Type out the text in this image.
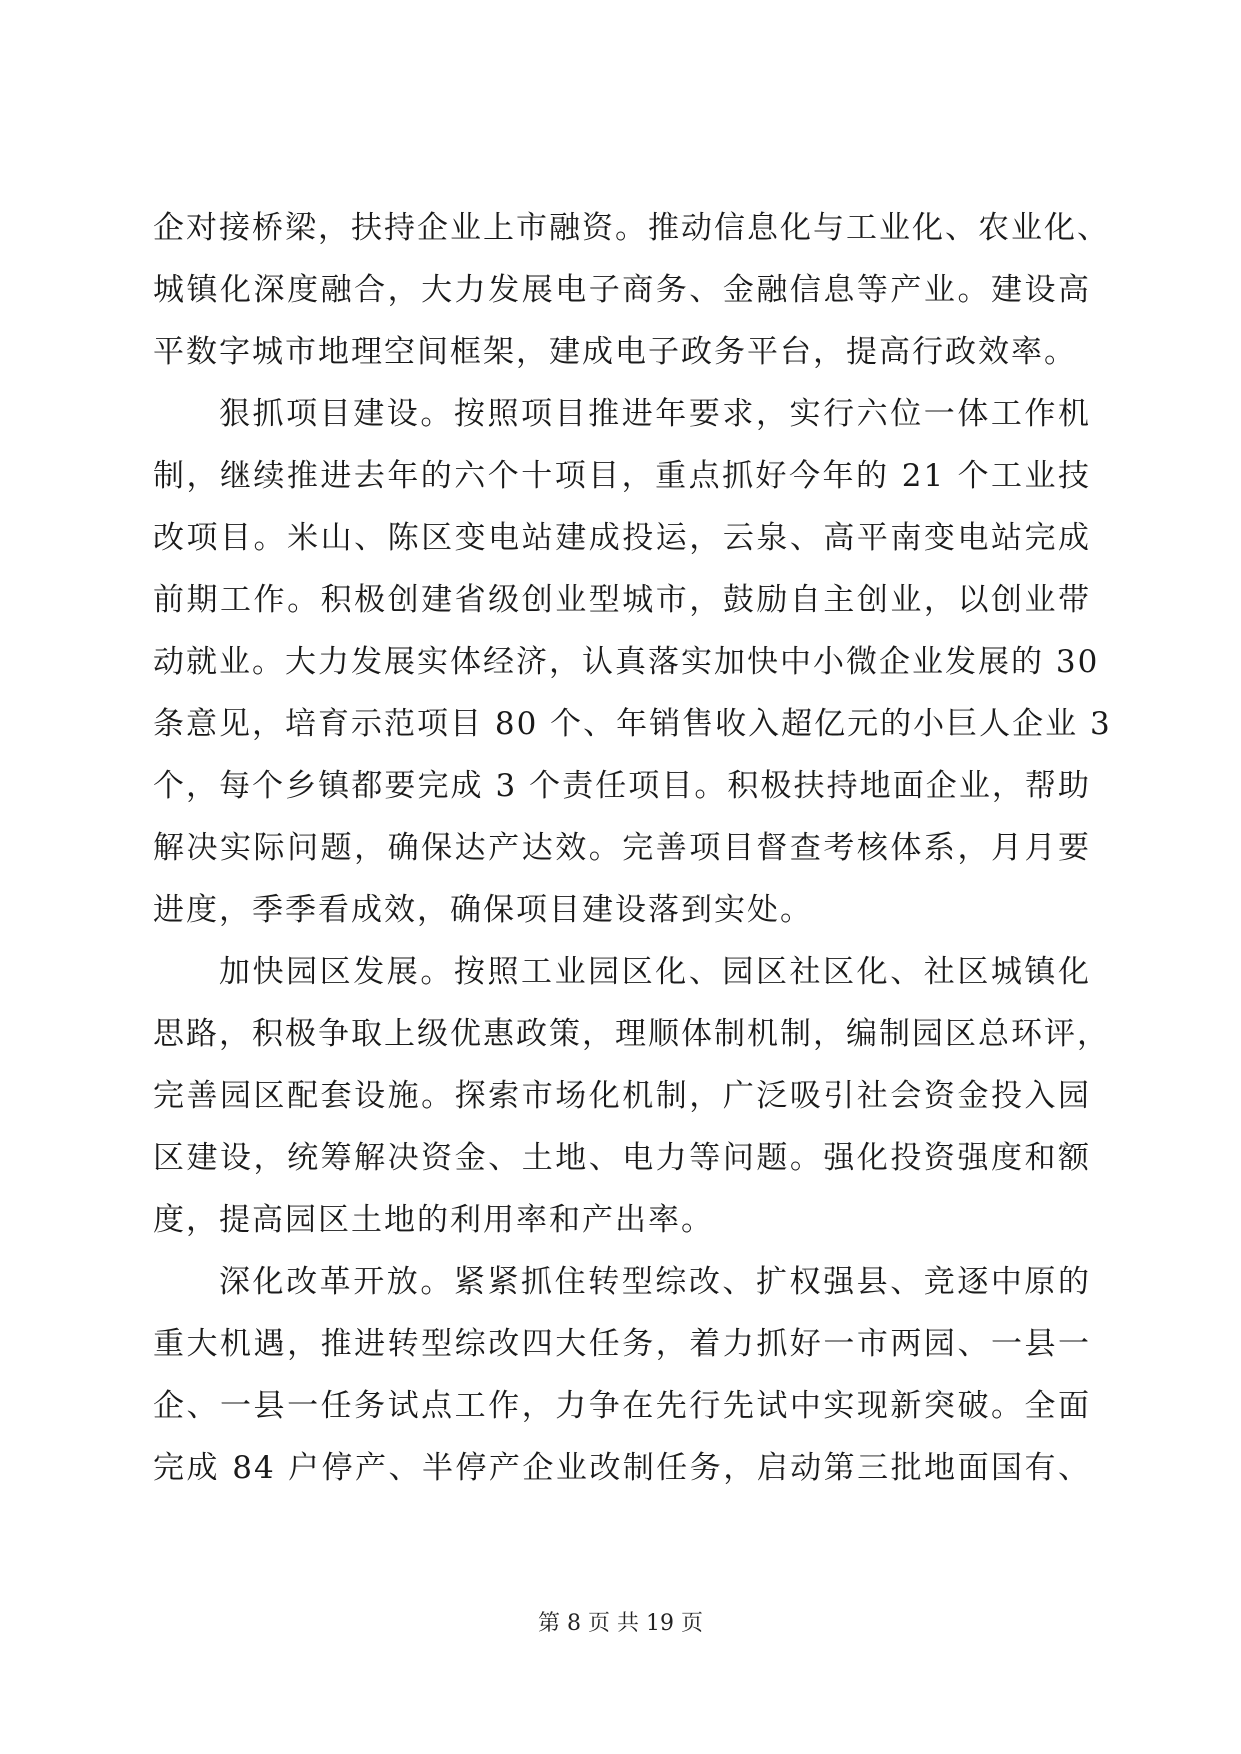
企对接桥梁，扶持企业上市融资。推动信息化与工业化、农业化、
城镇化深度融合，大力发展电子商务、金融信息等产业。建设高
平数字城市地理空间框架，建成电子政务平台，提高行政效率。
狠抓项目建设。按照项目推进年要求，实行六位一体工作机
制，继续推进去年的六个十项目，重点抓好今年的 21 个工业技
改项目。米山、陈区变电站建成投运，云泉、高平南变电站完成
前期工作。积极创建省级创业型城市，鼓励自主创业，以创业带
动就业。大力发展实体经济，认真落实加快中小微企业发展的 30
条意见，培育示范项目 80 个、年销售收入超亿元的小巨人企业 3
个，每个乡镇都要完成 3 个责任项目。积极扶持地面企业，帮助
解决实际问题，确保达产达效。完善项目督查考核体系，月月要
进度，季季看成效，确保项目建设落到实处。
加快园区发展。按照工业园区化、园区社区化、社区城镇化
思路，积极争取上级优惠政策，理顺体制机制，编制园区总环评，
完善园区配套设施。探索市场化机制，广泛吸引社会资金投入园
区建设，统筹解决资金、土地、电力等问题。强化投资强度和额
度，提高园区土地的利用率和产出率。
深化改革开放。紧紧抓住转型综改、扩权强县、竞逐中原的
重大机遇，推进转型综改四大任务，着力抓好一市两园、一县一
企、一县一任务试点工作，力争在先行先试中实现新突破。全面
完成 84 户停产、半停产企业改制任务，启动第三批地面国有、
第 8 页 共 19 页
